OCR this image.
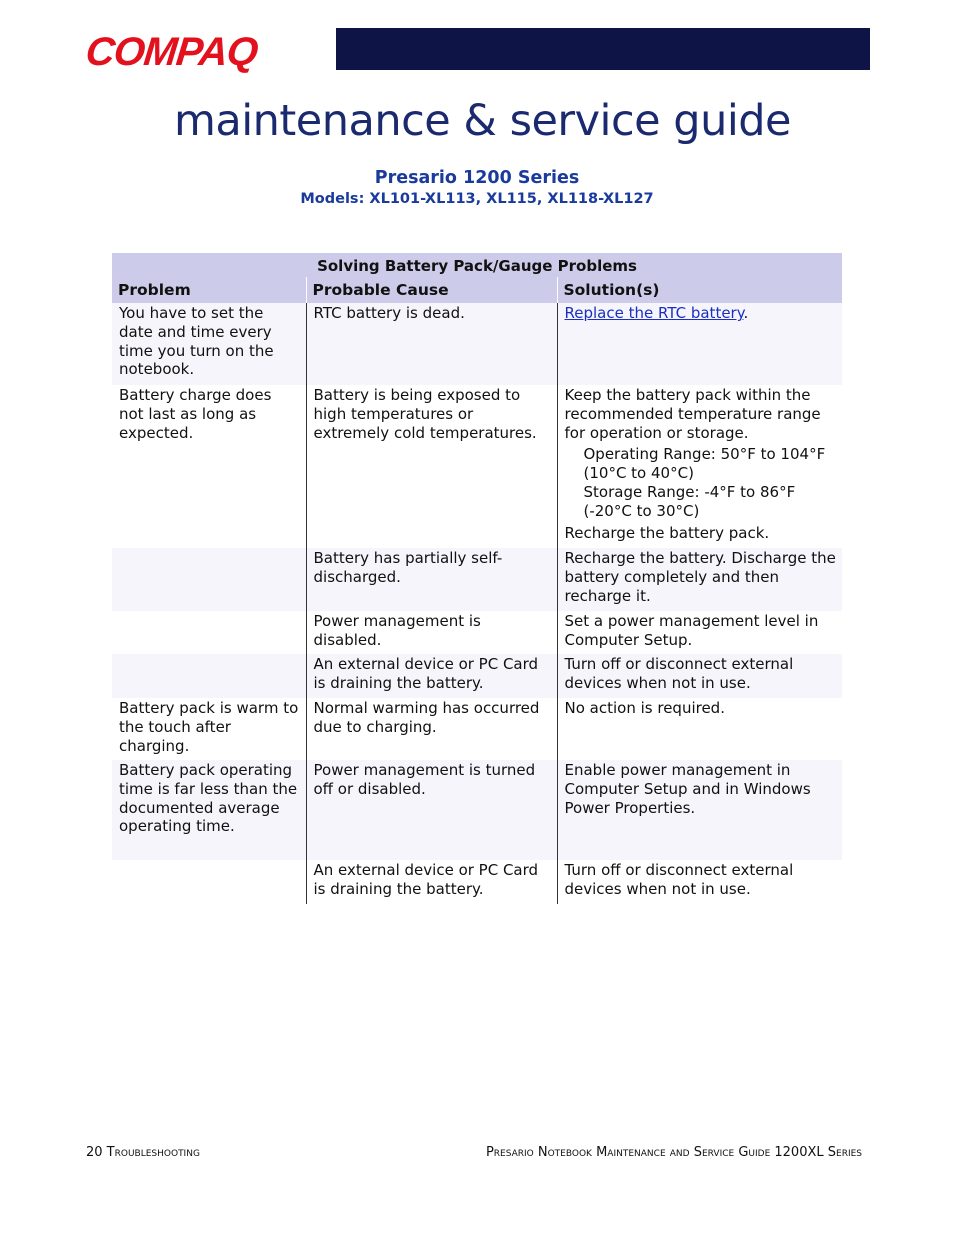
COMPAQ
maintenance & service guide
Presario 1200 Series
Models: XL101-XL113, XL115, XL118-XL127
Solving Battery Pack/Gauge Problems		
Problem	Probable Cause	Solution(s)
You have to set the date and time every time you turn on the notebook.	RTC battery is dead.	Replace the RTC battery.
Battery charge does not last as long as expected.	Battery is being exposed to high temperatures or extremely cold temperatures.	Keep the battery pack within the recommended temperature range for operation or storage.
Operating Range: 50°F to 104°F (10°C to 40°C)
Storage Range: -4°F to 86°F (-20°C to 30°C)
Recharge the battery pack.

	Battery has partially self-discharged.	Recharge the battery. Discharge the battery completely and then recharge it.
	Power management is disabled.	Set a power management level in Computer Setup.
	An external device or PC Card is draining the battery.	Turn off or disconnect external devices when not in use.
Battery pack is warm to the touch after charging.	Normal warming has occurred due to charging.	No action is required.
Battery pack operating time is far less than the documented average operating time.	Power management is turned off or disabled.	Enable power management in Computer Setup and in Windows Power Properties.
	An external device or PC Card is draining the battery.	Turn off or disconnect external devices when not in use.
20 Troubleshooting	Presario Notebook Maintenance and Service Guide 1200XL Series
